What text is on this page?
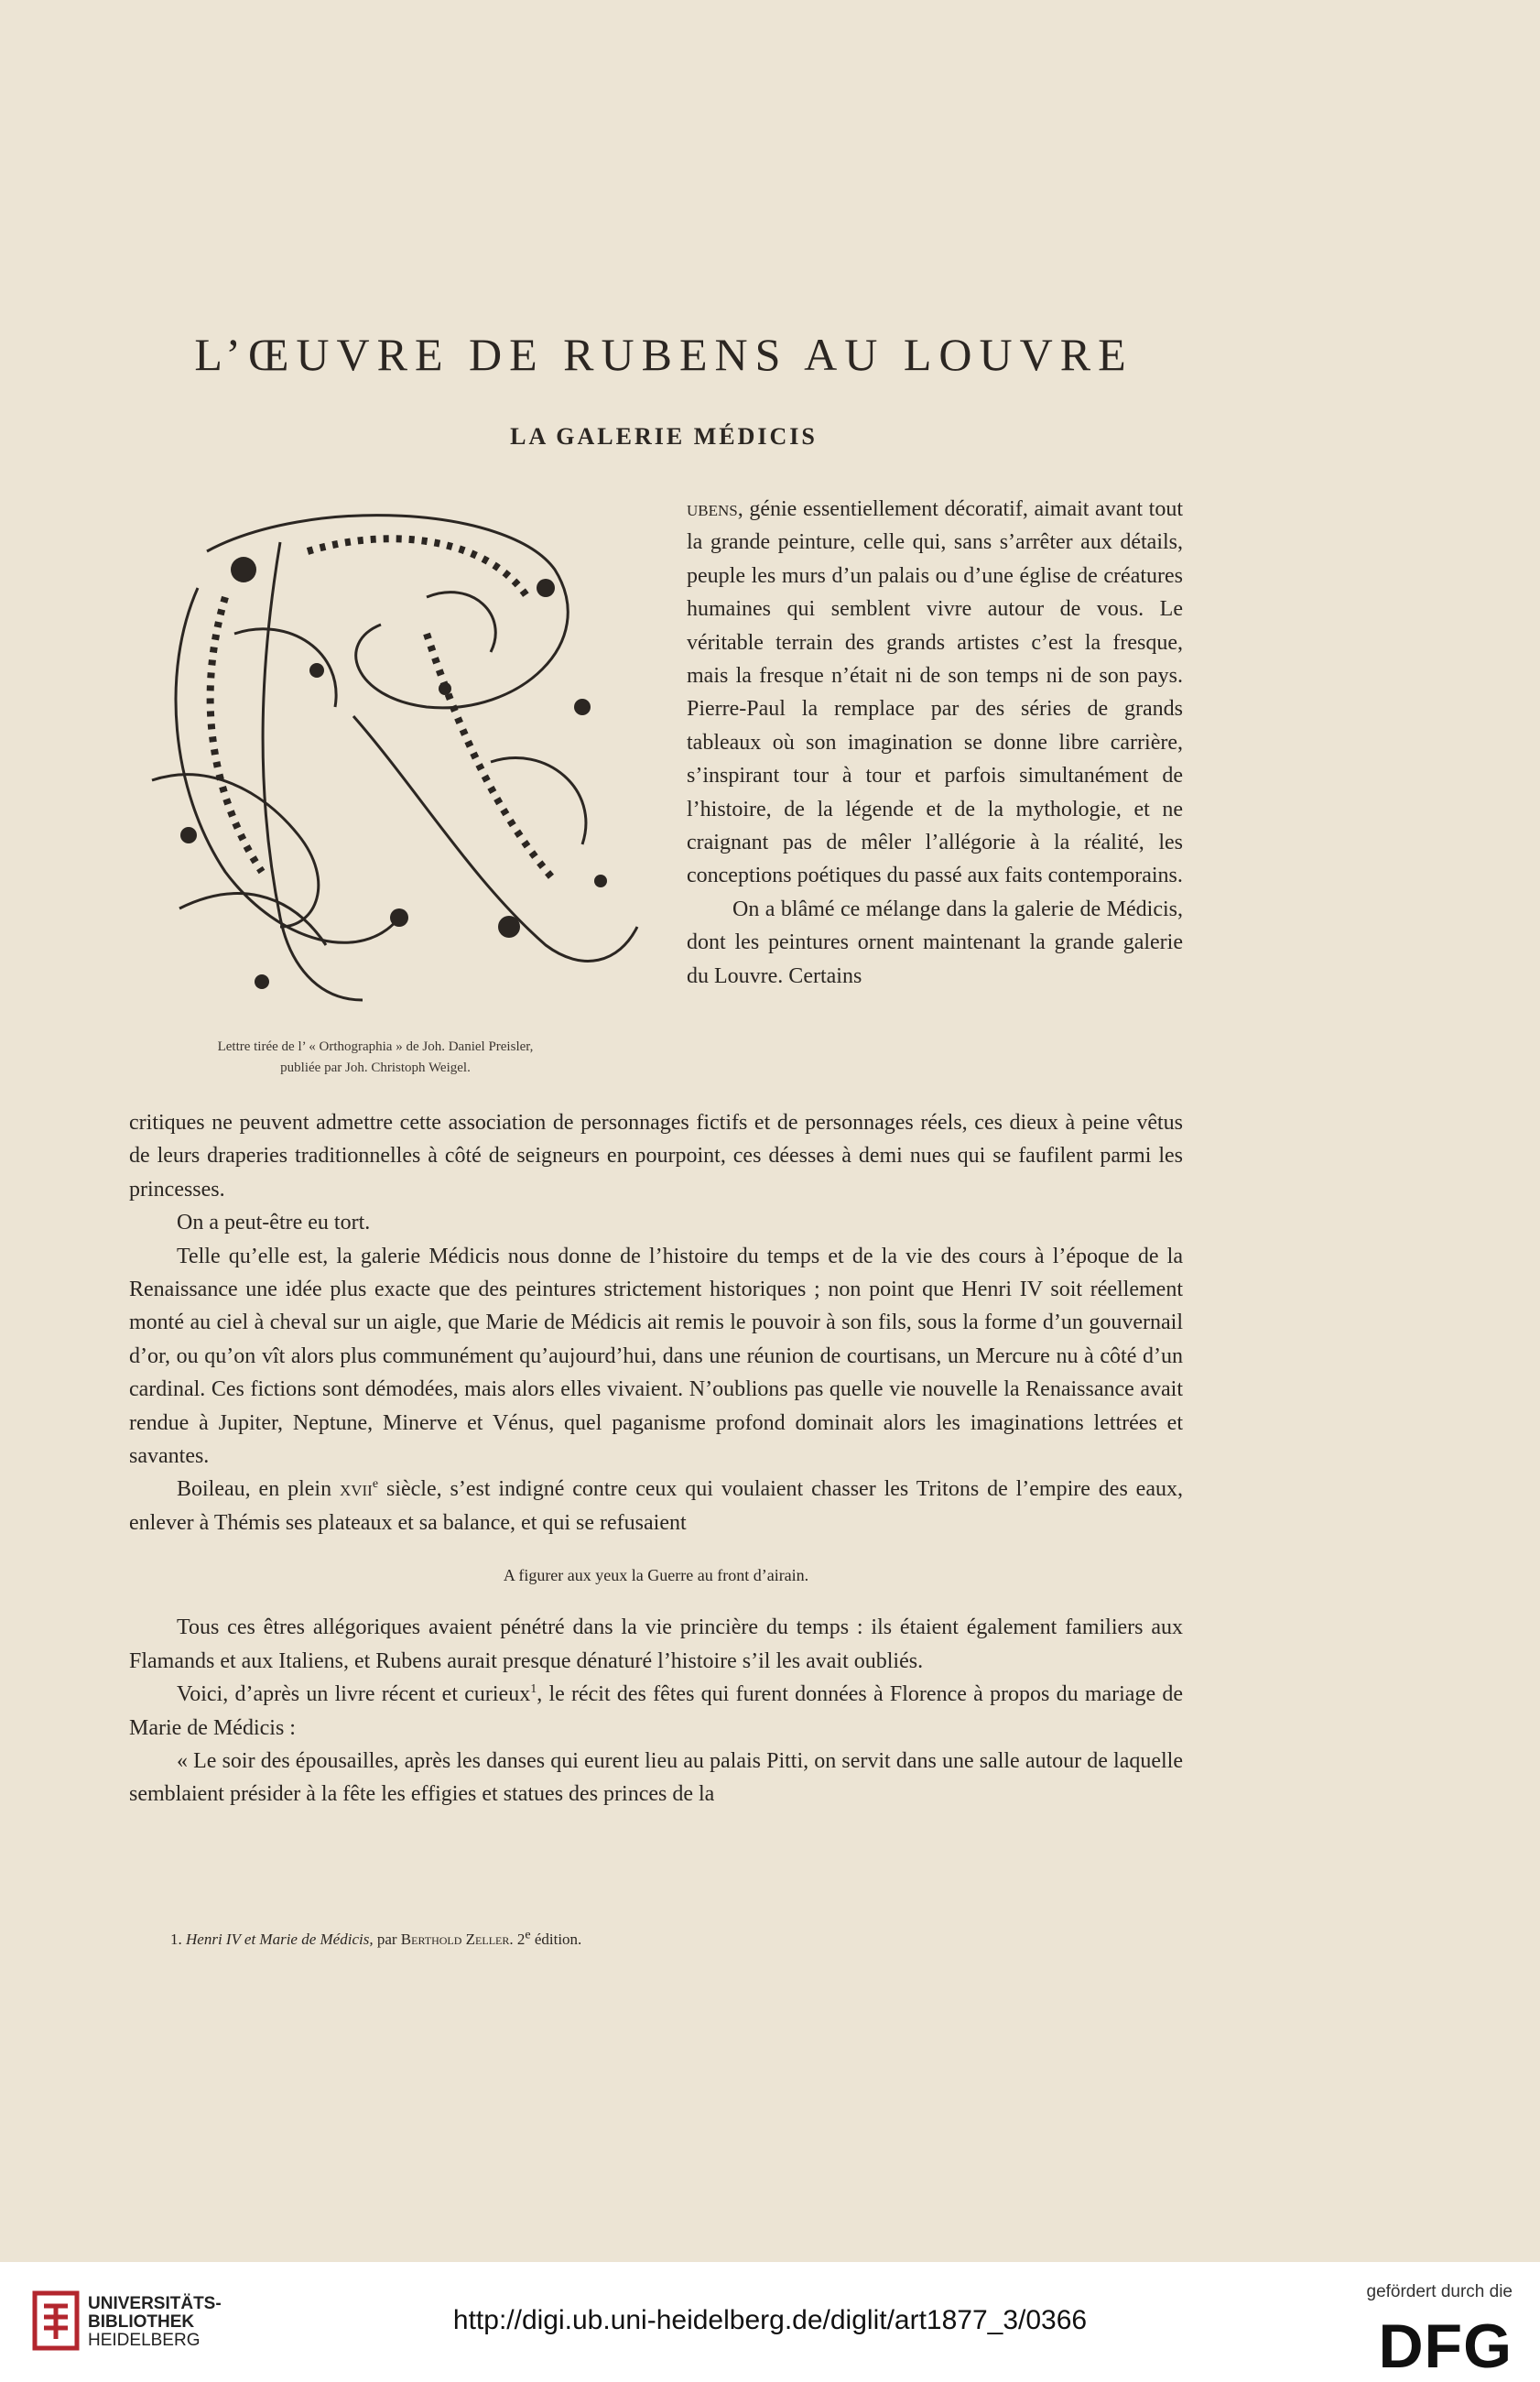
L’ŒUVRE DE RUBENS AU LOUVRE
LA GALERIE MÉDICIS
Lettre tirée de l’ « Orthographia » de Joh. Daniel Preisler,
publiée par Joh. Christoph Weigel.

ubens, génie essentiellement décoratif, aimait avant tout la grande peinture, celle qui, sans s’arrêter aux détails, peuple les murs d’un palais ou d’une église de créatures humaines qui semblent vivre autour de vous. Le véritable terrain des grands artistes c’est la fresque, mais la fresque n’était ni de son temps ni de son pays. Pierre-Paul la remplace par des séries de grands tableaux où son imagination se donne libre carrière, s’inspirant tour à tour et parfois simultanément de l’histoire, de la légende et de la mythologie, et ne craignant pas de mêler l’allégorie à la réalité, les conceptions poétiques du passé aux faits contemporains.

On a blâmé ce mélange dans la galerie de Médicis, dont les peintures ornent maintenant la grande galerie du Louvre. Certains

critiques ne peuvent admettre cette association de personnages fictifs et de personnages réels, ces dieux à peine vêtus de leurs draperies traditionnelles à côté de seigneurs en pourpoint, ces déesses à demi nues qui se faufilent parmi les princesses.

On a peut-être eu tort.

Telle qu’elle est, la galerie Médicis nous donne de l’histoire du temps et de la vie des cours à l’époque de la Renaissance une idée plus exacte que des peintures strictement historiques ; non point que Henri IV soit réellement monté au ciel à cheval sur un aigle, que Marie de Médicis ait remis le pouvoir à son fils, sous la forme d’un gouvernail d’or, ou qu’on vît alors plus communément qu’aujourd’hui, dans une réunion de courtisans, un Mercure nu à côté d’un cardinal. Ces fictions sont démodées, mais alors elles vivaient. N’oublions pas quelle vie nouvelle la Renaissance avait rendue à Jupiter, Neptune, Minerve et Vénus, quel paganisme profond dominait alors les imaginations lettrées et savantes.

Boileau, en plein xvii$^e$ siècle, s’est indigné contre ceux qui voulaient chasser les Tritons de l’empire des eaux, enlever à Thémis ses plateaux et sa balance, et qui se refusaient

A figurer aux yeux la Guerre au front d’airain.

Tous ces êtres allégoriques avaient pénétré dans la vie princière du temps : ils étaient également familiers aux Flamands et aux Italiens, et Rubens aurait presque dénaturé l’histoire s’il les avait oubliés.

Voici, d’après un livre récent et curieux$^1$, le récit des fêtes qui furent données à Florence à propos du mariage de Marie de Médicis :

« Le soir des épousailles, après les danses qui eurent lieu au palais Pitti, on servit dans une salle autour de laquelle semblaient présider à la fête les effigies et statues des princes de la

1. Henri IV et Marie de Médicis, par Berthold Zeller. 2e édition.

UNIVERSITÄTS-
BIBLIOTHEK
HEIDELBERG
http://digi.ub.uni-heidelberg.de/diglit/art1877_3/0366
gefördert durch die
DFG
